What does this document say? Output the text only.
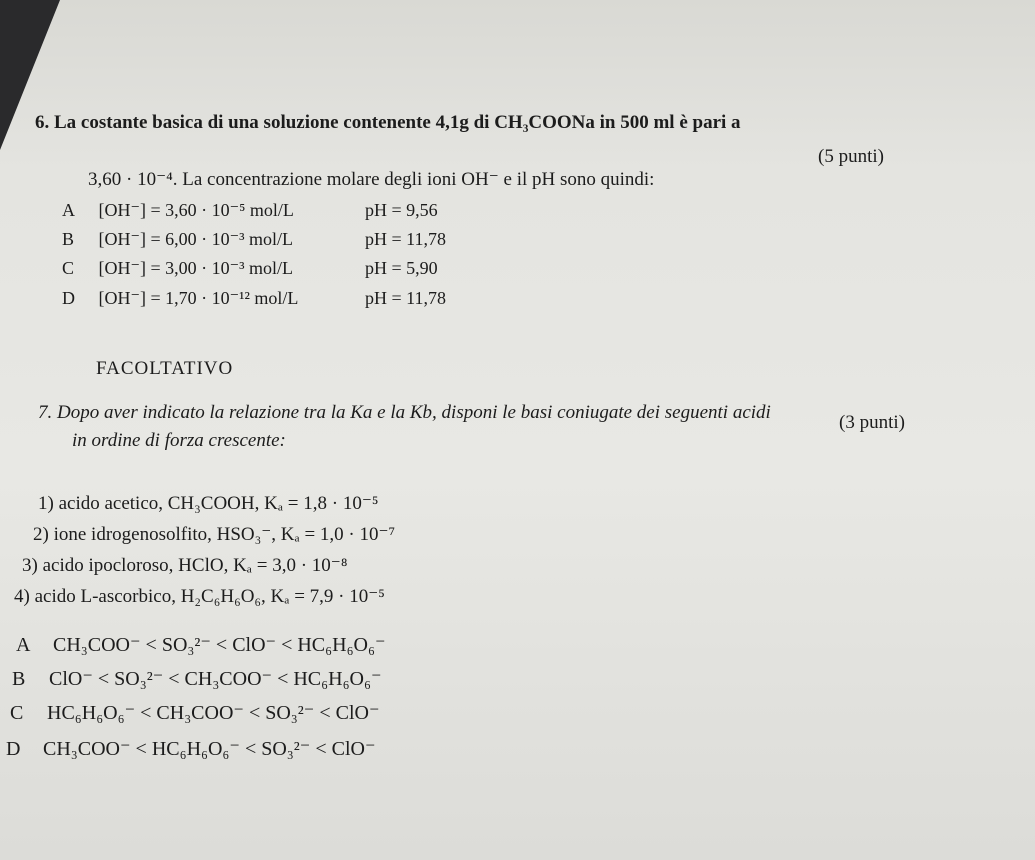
6. La costante basica di una soluzione contenente 4,1g di CH₃COONa in 500 ml è pari a
(5 punti)
3,60 · 10⁻⁴. La concentrazione molare degli ioni OH⁻ e il pH sono quindi:
A [OH⁻] = 3,60 · 10⁻⁵ mol/L	pH = 9,56
B [OH⁻] = 6,00 · 10⁻³ mol/L	pH = 11,78
C [OH⁻] = 3,00 · 10⁻³ mol/L	pH = 5,90
D [OH⁻] = 1,70 · 10⁻¹² mol/L	pH = 11,78
FACOLTATIVO
7. Dopo aver indicato la relazione tra la Ka e la Kb, disponi le basi coniugate dei seguenti acidi	(3 punti)
in ordine di forza crescente:
1) acido acetico, CH₃COOH, Kₐ = 1,8 · 10⁻⁵
2) ione idrogenosolfito, HSO₃⁻, Kₐ = 1,0 · 10⁻⁷
3) acido ipocloroso, HClO, Kₐ = 3,0 · 10⁻⁸
4) acido L-ascorbico, H₂C₆H₆O₆, Kₐ = 7,9 · 10⁻⁵
A CH₃COO⁻ < SO₃²⁻ < ClO⁻ < HC₆H₆O₆⁻
B ClO⁻ < SO₃²⁻ < CH₃COO⁻ < HC₆H₆O₆⁻
C HC₆H₆O₆⁻ < CH₃COO⁻ < SO₃²⁻ < ClO⁻
D CH₃COO⁻ < HC₆H₆O₆⁻ < SO₃²⁻ < ClO⁻
